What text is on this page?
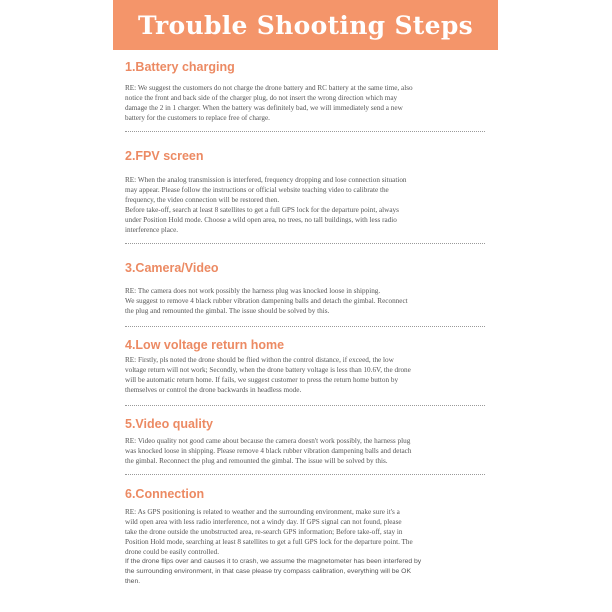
Trouble Shooting Steps
1.Battery charging

RE: We suggest the customers do not charge the drone battery and RC battery at the same time, also

notice the front and back side of the charger plug, do not insert the wrong direction which may

damage the 2 in 1 charger. When the battery was definitely bad, we will immediately send a new

battery for the customers to replace free of charge.

2.FPV screen

RE: When the analog transmission is interfered, frequency dropping and lose connection situation

may appear. Please follow the instructions or official website teaching video to calibrate the

frequency, the video connection will be restored then.

Before take-off, search at least 8 satellites to get a full GPS lock for the departure point, always

under Position Hold mode. Choose a wild open area, no trees, no tall buildings, with less radio

interference place.

3.Camera/Video

RE: The camera does not work possibly the harness plug was knocked loose in shipping.

We suggest to remove 4 black rubber vibration dampening balls and detach the gimbal. Reconnect

the plug and remounted the gimbal. The issue should be solved by this.

4.Low voltage return home

RE: Firstly, pls noted the drone should be flied withon the control distance, if exceed, the low

voltage return will not work; Secondly, when the drone battery voltage is less than 10.6V, the drone

will be automatic return home. If fails, we suggest customer to press the return home button by

themselves or control the drone backwards in headless mode.

5.Video quality

RE: Video quality not good came about because the camera doesn't work possibly, the harness plug

was knocked loose in shipping. Please remove 4 black rubber vibration dampening balls and detach

the gimbal. Reconnect the plug and remounted the gimbal. The issue will be solved by this.

6.Connection

RE: As GPS positioning is related to weather and the surrounding environment, make sure it's a

wild open area with less radio interference, not a windy day. If GPS signal can not found, please

take the drone outside the unobstructed area, re-search GPS information; Before take-off, stay in

Position Hold mode, searching at least 8 satellites to get a full GPS lock for the departure point. The

drone could be easily controlled.

If the drone flips over and causes it to crash, we assume the magnetometer has been interfered by

the surrounding environment, in that case please try compass calibration, everything will be OK

then.
